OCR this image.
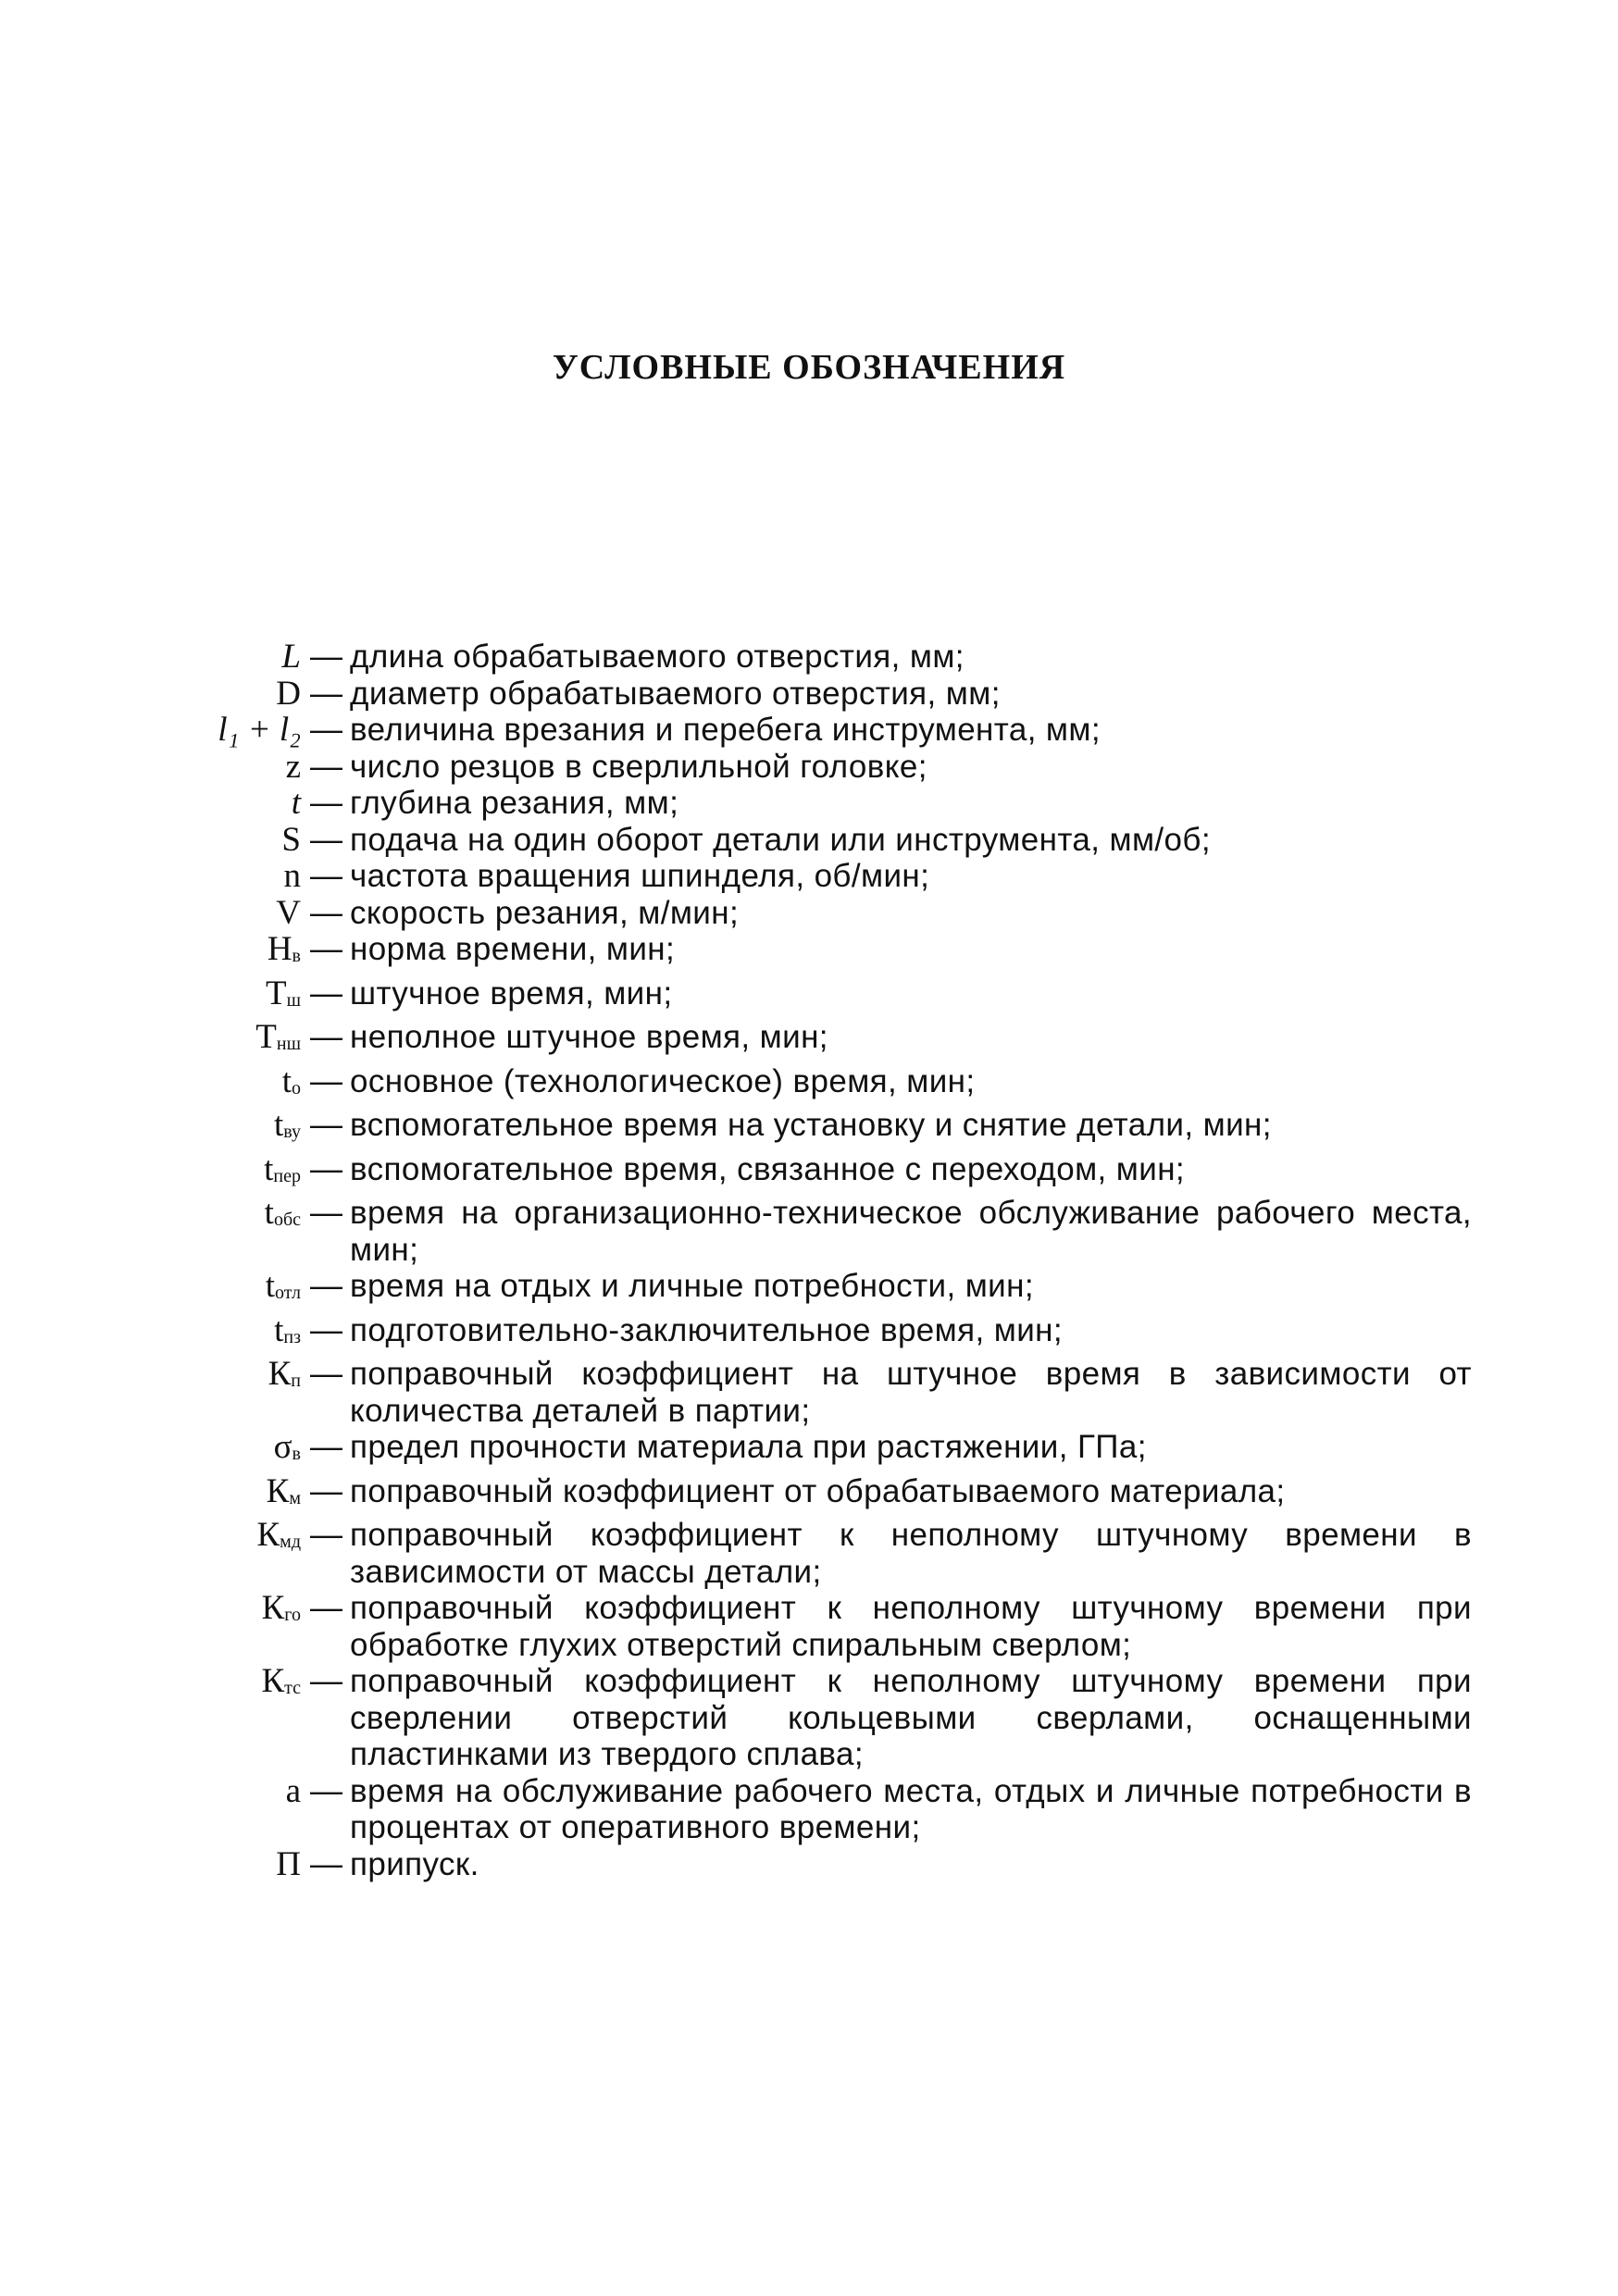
УСЛОВНЫЕ ОБОЗНАЧЕНИЯ
L — длина обрабатываемого отверстия, мм;
D — диаметр обрабатываемого отверстия, мм;
l₁ + l₂ — величина врезания и перебега инструмента, мм;
z — число резцов в сверлильной головке;
t — глубина резания, мм;
S — подача на один оборот детали или инструмента, мм/об;
n — частота вращения шпинделя, об/мин;
V — скорость резания, м/мин;
Нв — норма времени, мин;
Тш — штучное время, мин;
Тнш — неполное штучное время, мин;
tо — основное (технологическое) время, мин;
tву — вспомогательное время на установку и снятие детали, мин;
tпер — вспомогательное время, связанное с переходом, мин;
tобс — время на организационно-техническое обслуживание рабочего места, мин;
tотл — время на отдых и личные потребности, мин;
tпз — подготовительно-заключительное время, мин;
Кп — поправочный коэффициент на штучное время в зависимости от количества деталей в партии;
σв — предел прочности материала при растяжении, ГПа;
Км — поправочный коэффициент от обрабатываемого материала;
Кмд — поправочный коэффициент к неполному штучному времени в зависимости от массы детали;
Кго — поправочный коэффициент к неполному штучному времени при обработке глухих отверстий спиральным сверлом;
Ктс — поправочный коэффициент к неполному штучному времени при сверлении отверстий кольцевыми сверлами, оснащенными пластинками из твердого сплава;
a — время на обслуживание рабочего места, отдых и личные потребности в процентах от оперативного времени;
П — припуск.
